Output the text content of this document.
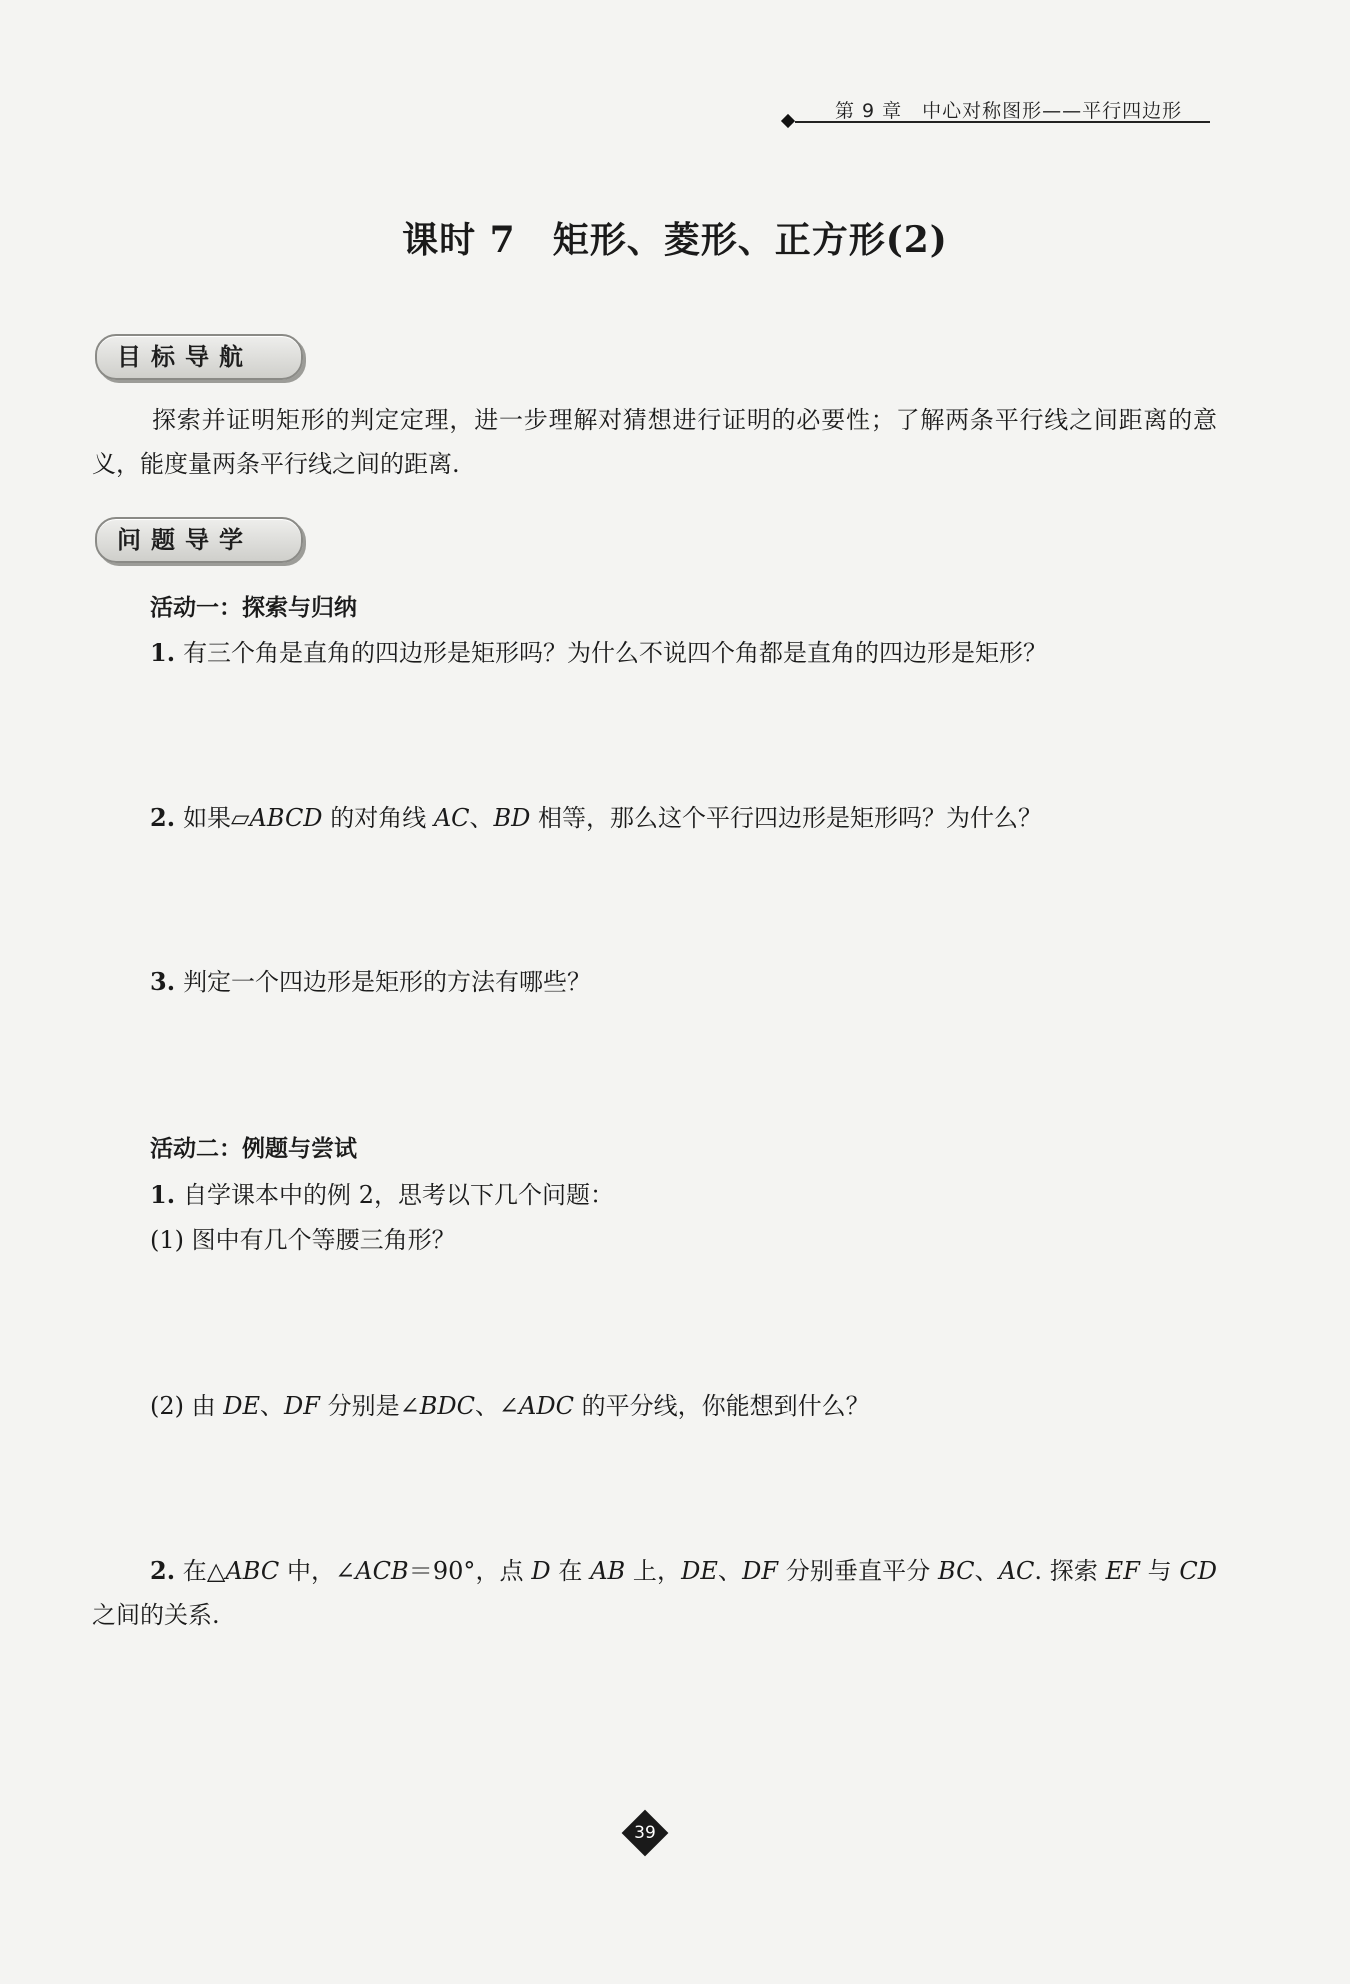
第 9 章　中心对称图形——平行四边形
课时 7　矩形、菱形、正方形(2)
目标导航
探索并证明矩形的判定定理，进一步理解对猜想进行证明的必要性；了解两条平行线之间距离的意义，能度量两条平行线之间的距离.
问题导学
活动一：探索与归纳
1. 有三个角是直角的四边形是矩形吗？为什么不说四个角都是直角的四边形是矩形？
2. 如果▱ABCD 的对角线 AC、BD 相等，那么这个平行四边形是矩形吗？为什么？
3. 判定一个四边形是矩形的方法有哪些？
活动二：例题与尝试
1. 自学课本中的例 2，思考以下几个问题：
(1) 图中有几个等腰三角形？
(2) 由 DE、DF 分别是∠BDC、∠ADC 的平分线，你能想到什么？
2. 在△ABC 中，∠ACB＝90°，点 D 在 AB 上，DE、DF 分别垂直平分 BC、AC. 探索 EF 与 CD 之间的关系.
39
